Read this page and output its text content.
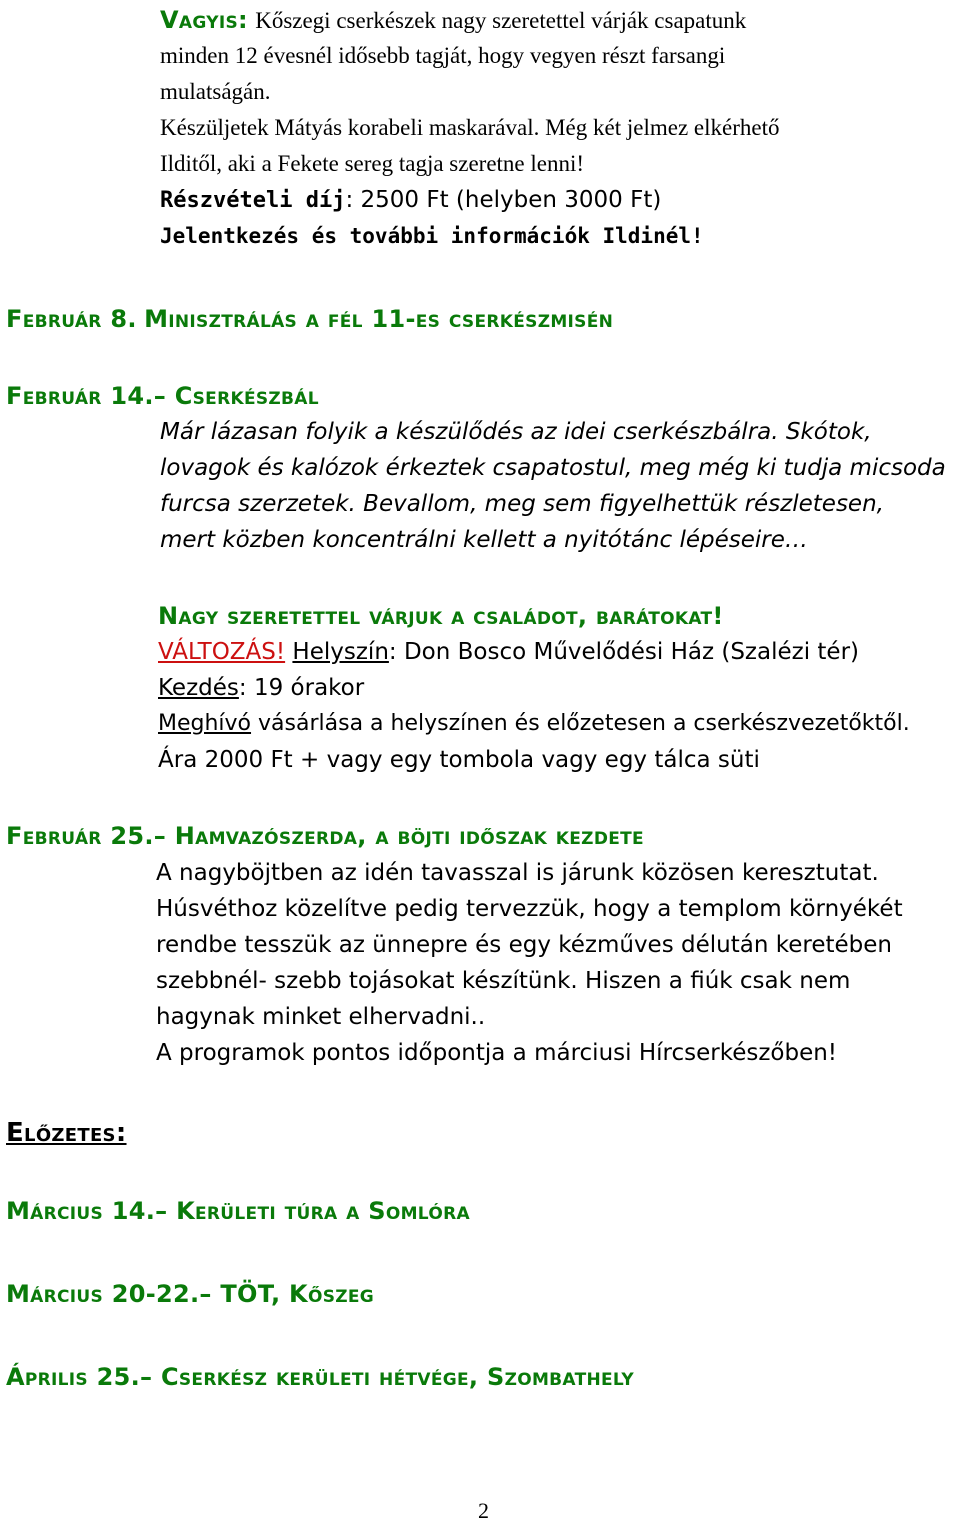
Vagyis: Kőszegi cserkészek nagy szeretettel várják csapatunk
minden 12 évesnél idősebb tagját, hogy vegyen részt farsangi
mulatságán.
Készüljetek Mátyás korabeli maskarával. Még két jelmez elkérhető
Ilditől, aki a Fekete sereg tagja szeretne lenni!
Részvételi díj: 2500 Ft (helyben 3000 Ft)
Jelentkezés és további információk Ildinél!
Február 8. Minisztrálás a fél 11-es cserkészmisén
Február 14.– Cserkészbál
Már lázasan folyik a készülődés az idei cserkészbálra. Skótok,
lovagok és kalózok érkeztek csapatostul, meg még ki tudja micsoda
furcsa szerzetek. Bevallom, meg sem figyelhettük részletesen,
mert közben koncentrálni kellett a nyitótánc lépéseire…
Nagy szeretettel várjuk a családot, barátokat!
VÁLTOZÁS! Helyszín: Don Bosco Művelődési Ház (Szalézi tér)
Kezdés: 19 órakor
Meghívó vásárlása a helyszínen és előzetesen a cserkészvezetőktől.
Ára 2000 Ft + vagy egy tombola vagy egy tálca süti
Február 25.– Hamvazószerda, a böjti időszak kezdete
A nagyböjtben az idén tavasszal is járunk közösen keresztutat.
Húsvéthoz közelítve pedig tervezzük, hogy a templom környékét
rendbe tesszük az ünnepre és egy kézműves délután keretében
szebbnél- szebb tojásokat készítünk. Hiszen a fiúk csak nem
hagynak minket elhervadni..
A programok pontos időpontja a márciusi Hírcserkészőben!
Előzetes:
Március 14.– Kerületi túra a Somlóra
Március 20-22.– TÖT, Kőszeg
Április 25.– Cserkész kerületi hétvége, Szombathely
2
